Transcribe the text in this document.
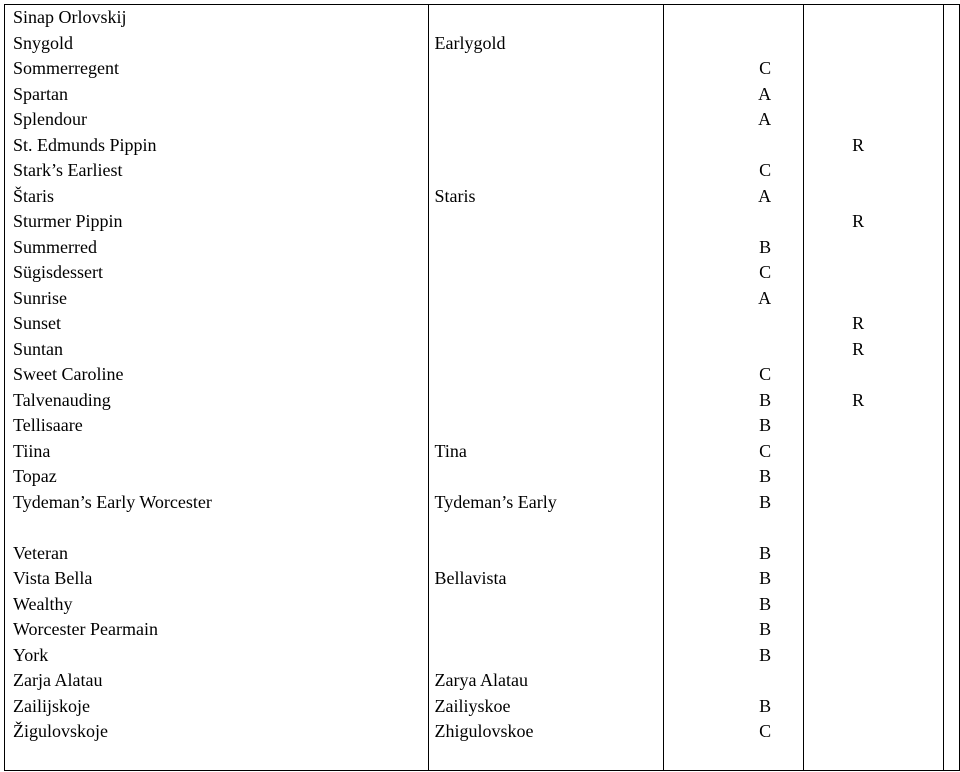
Sinap Orlovskij				
Snygold	Earlygold			
Sommerregent		C		
Spartan		A		
Splendour		A		
St. Edmunds Pippin			R	
Stark’s Earliest		C		
Štaris	Staris	A		
Sturmer Pippin			R	
Summerred		B		
Sügisdessert		C		
Sunrise		A		
Sunset			R	
Suntan			R	
Sweet Caroline		C		
Talvenauding		B	R	
Tellisaare		B		
Tiina	Tina	C		
Topaz		B		
Tydeman’s Early Worcester	Tydeman’s Early	B		
Veteran		B		
Vista Bella	Bellavista	B		
Wealthy		B		
Worcester Pearmain		B		
York		B		
Zarja Alatau	Zarya Alatau			
Zailijskoje	Zailiyskoe	B		
Žigulovskoje	Zhigulovskoe	C		
